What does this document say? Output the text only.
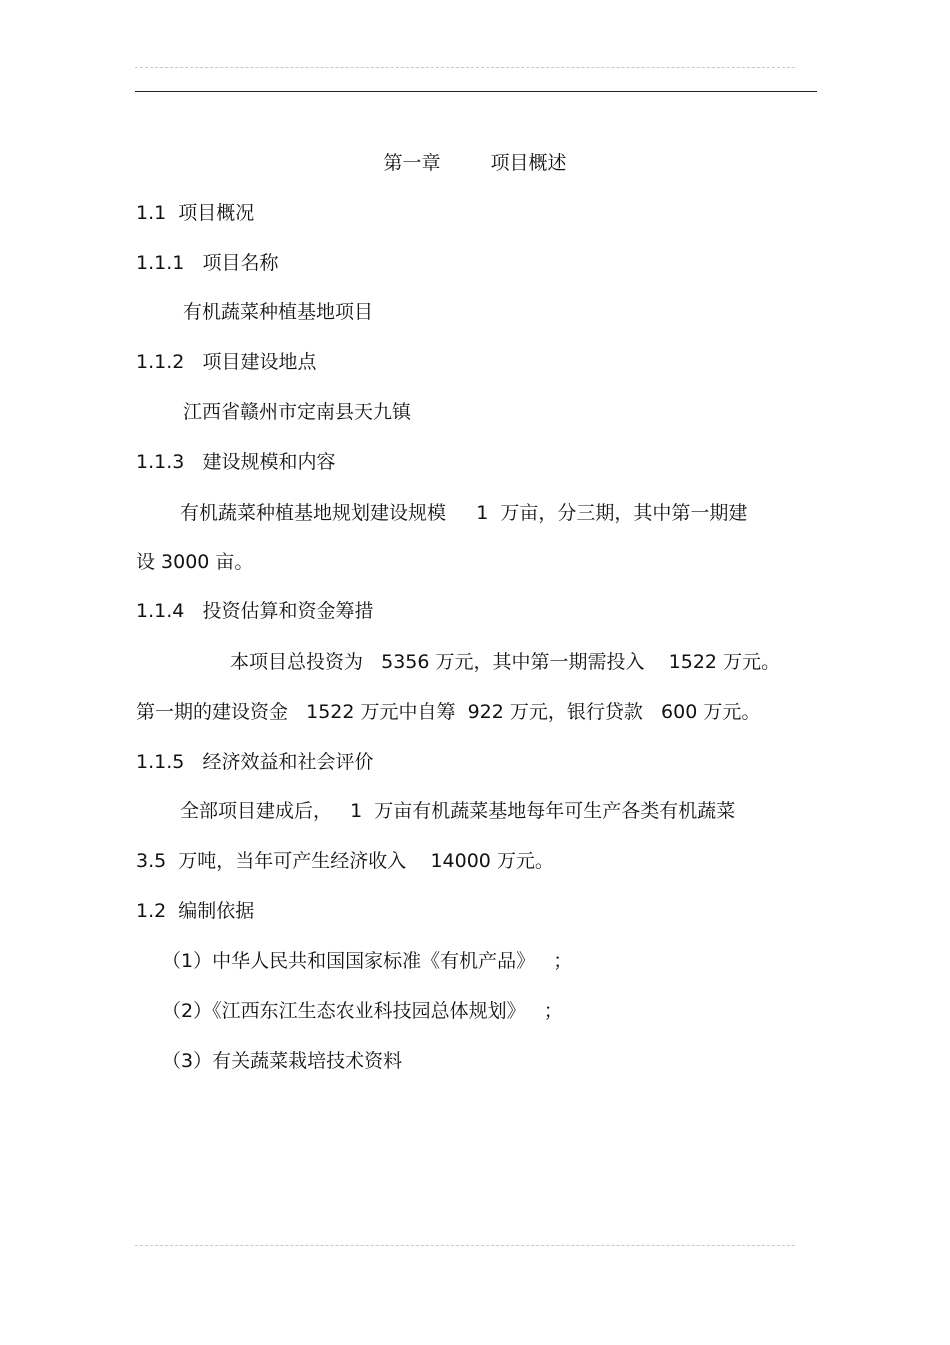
第一章	项目概述
1.1  项目概况
1.1.1   项目名称
有机蔬菜种植基地项目
1.1.2   项目建设地点
江西省赣州市定南县天九镇
1.1.3   建设规模和内容
有机蔬菜种植基地规划建设规模     1  万亩，分三期，其中第一期建
设 3000 亩。
1.1.4   投资估算和资金筹措
本项目总投资为   5356 万元，其中第一期需投入    1522 万元。
第一期的建设资金   1522 万元中自筹  922 万元，银行贷款   600 万元。
1.1.5   经济效益和社会评价
全部项目建成后，   1  万亩有机蔬菜基地每年可生产各类有机蔬菜
3.5  万吨，当年可产生经济收入    14000 万元。
1.2  编制依据
（1）中华人民共和国国家标准《有机产品》   ；
（2）《江西东江生态农业科技园总体规划》   ；
（3）有关蔬菜栽培技术资料
